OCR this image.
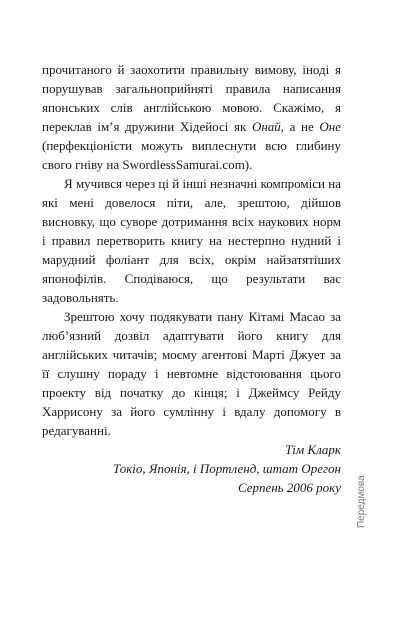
прочитаного й заохотити правильну вимову, іноді я порушував загальноприйняті правила написання японських слів англійською мовою. Скажімо, я переклав ім’я дружини Хідейосі як Онай, а не Оне (перфекціоністи можуть виплеснути всю глибину свого гніву на SwordlessSamurai.com).

Я мучився через ці й інші незначні компроміси на які мені довелося піти, але, зрештою, дійшов висновку, що суворе дотримання всіх наукових норм і правил перетворить книгу на нестерпно нудний і марудний фоліант для всіх, окрім найзатятіших японофілів. Сподіваюся, що результати вас задовольнять.

Зрештою хочу подякувати пану Кітамі Масао за люб’язний дозвіл адаптувати його книгу для англійських читачів; моєму агентові Марті Джует за її слушну пораду і невтомне відстоювання цього проекту від початку до кінця; і Джеймсу Рейду Харрисону за його сумлінну і вдалу допомогу в редагуванні.

Тім Кларк

Токіо, Японія, і Портленд, штат Орегон

Серпень 2006 року Передмова
